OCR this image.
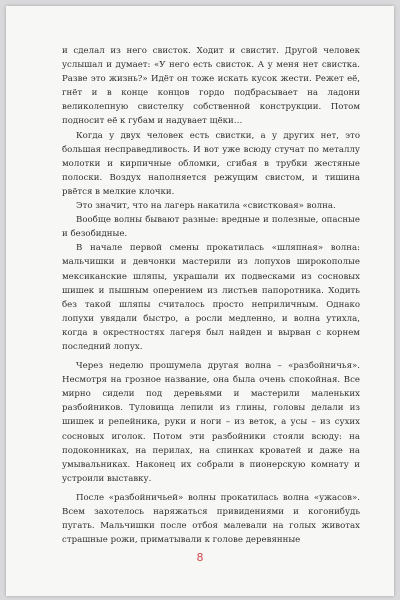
и сделал из него свисток. Ходит и свистит. Другой человек услышал и думает: «У него есть свисток. А у меня нет свистка. Разве это жизнь?» Идёт он тоже искать кусок жести. Режет её, гнёт и в конце концов гордо подбрасывает на ладони великолепную свистелку собственной конструкции. Потом подносит её к губам и надувает щёки…

Когда у двух человек есть свистки, а у других нет, это большая несправедливость. И вот уже всюду стучат по металлу молотки и кирпичные обломки, сгибая в трубки жестяные полоски. Воздух наполняется режущим свистом, и тишина рвётся в мелкие клочки.

Это значит, что на лагерь накатила «свистковая» волна.

Вообще волны бывают разные: вредные и полезные, опасные и безобидные.

В начале первой смены прокатилась «шляпная» волна: мальчишки и девчонки мастерили из лопухов широкополые мексиканские шляпы, украшали их подвесками из сосновых шишек и пышным оперением из листьев папоротника. Ходить без такой шляпы считалось просто неприличным. Однако лопухи увядали быстро, а росли медленно, и волна утихла, когда в окрестностях лагеря был найден и вырван с корнем последний лопух.

Через неделю прошумела другая волна – «разбойничья». Несмотря на грозное название, она была очень спокойная. Все мирно сидели под деревьями и мастерили маленьких разбойников. Туловища лепили из глины, головы делали из шишек и репейника, руки и ноги – из веток, а усы – из сухих сосновых иголок. Потом эти разбойники стояли всюду: на подоконниках, на перилах, на спинках кроватей и даже на умывальниках. Наконец их собрали в пионерскую комнату и устроили выставку.

После «разбойничьей» волны прокатилась волна «ужасов». Всем захотелось наряжаться привидениями и когонибудь пугать. Мальчишки после отбоя малевали на голых животах страшные рожи, приматывали к голове деревянные

8
